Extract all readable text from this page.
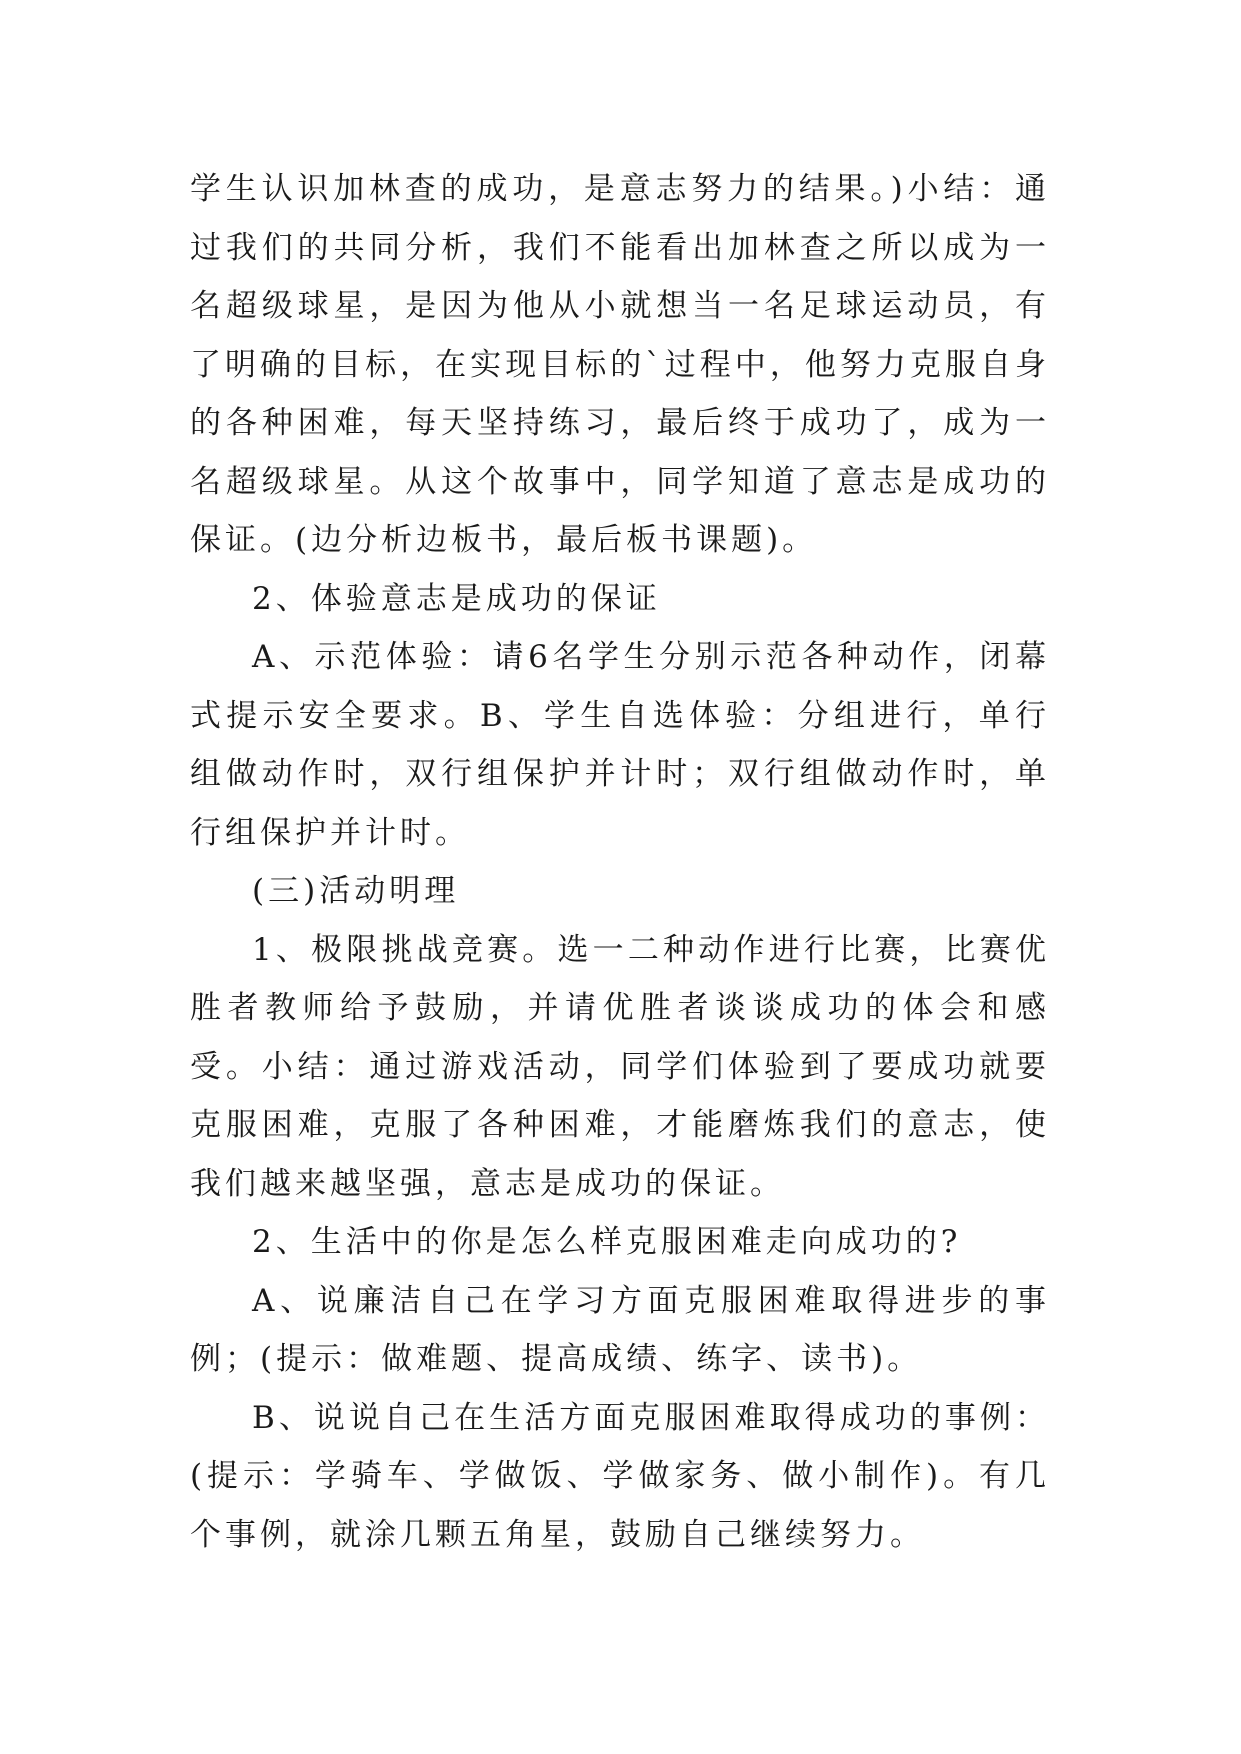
学生认识加林查的成功，是意志努力的结果。)小结：通过我们的共同分析，我们不能看出加林查之所以成为一名超级球星，是因为他从小就想当一名足球运动员，有了明确的目标，在实现目标的`过程中，他努力克服自身的各种困难，每天坚持练习，最后终于成功了，成为一名超级球星。从这个故事中，同学知道了意志是成功的保证。(边分析边板书，最后板书课题)。

2、体验意志是成功的保证

A、示范体验：请6名学生分别示范各种动作，闭幕式提示安全要求。B、学生自选体验：分组进行，单行组做动作时，双行组保护并计时；双行组做动作时，单行组保护并计时。

(三)活动明理

1、极限挑战竞赛。选一二种动作进行比赛，比赛优胜者教师给予鼓励，并请优胜者谈谈成功的体会和感受。小结：通过游戏活动，同学们体验到了要成功就要克服困难，克服了各种困难，才能磨炼我们的意志，使我们越来越坚强，意志是成功的保证。

2、生活中的你是怎么样克服困难走向成功的?

A、说廉洁自己在学习方面克服困难取得进步的事例；(提示：做难题、提高成绩、练字、读书)。

B、说说自己在生活方面克服困难取得成功的事例：(提示：学骑车、学做饭、学做家务、做小制作)。有几个事例，就涂几颗五角星，鼓励自己继续努力。
